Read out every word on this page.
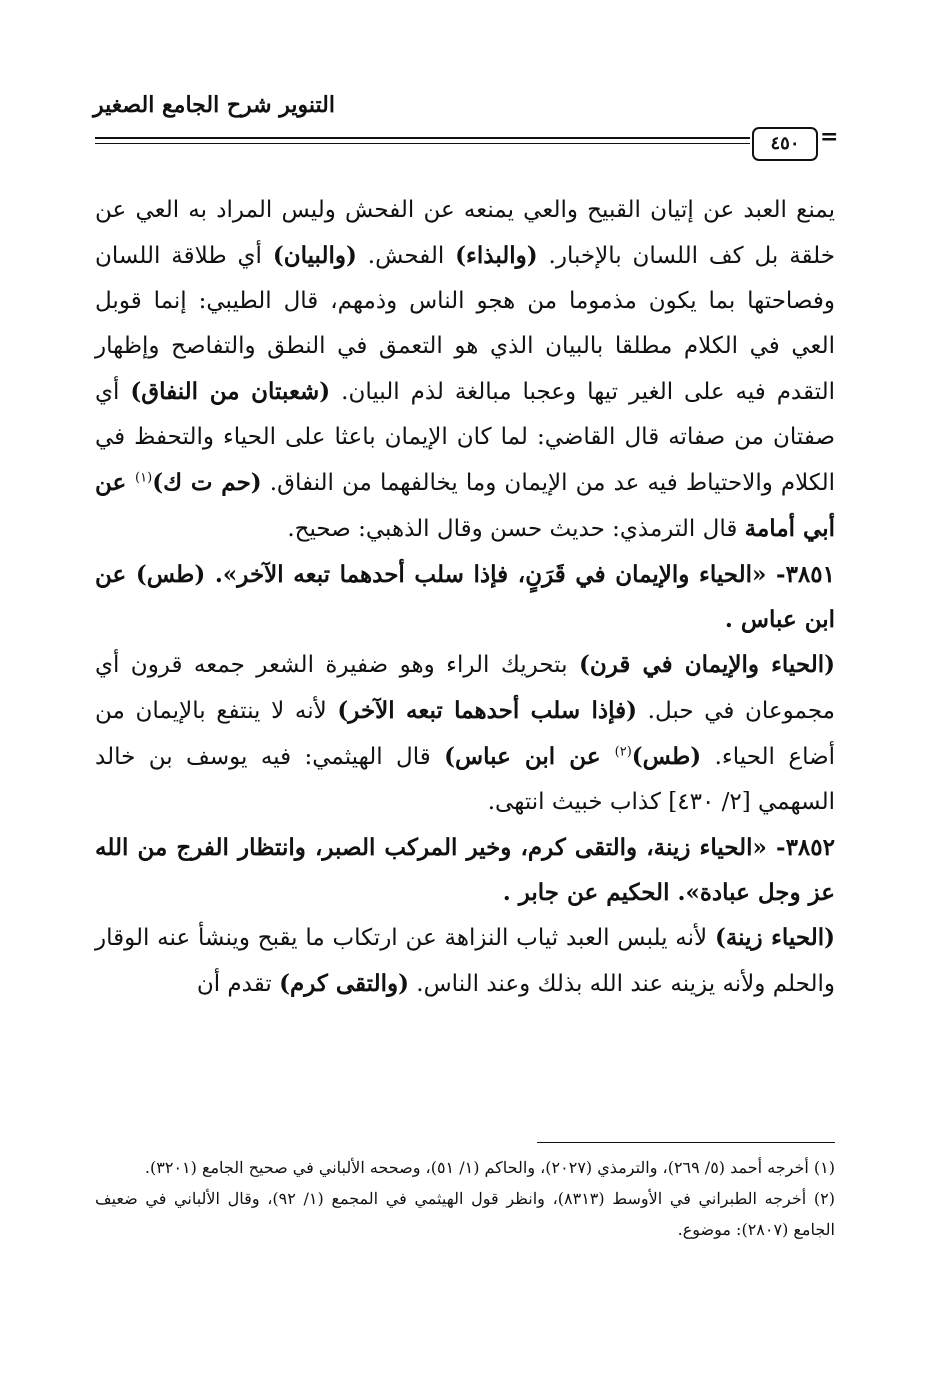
التنوير شرح الجامع الصغير
٤٥٠ =

يمنع العبد عن إتيان القبيح والعي يمنعه عن الفحش وليس المراد به العي عن خلقة بل كف اللسان بالإخبار. (والبذاء) الفحش. (والبيان) أي طلاقة اللسان وفصاحتها بما يكون مذموما من هجو الناس وذمهم، قال الطيبي: إنما قوبل العي في الكلام مطلقا بالبيان الذي هو التعمق في النطق والتفاصح وإظهار التقدم فيه على الغير تيها وعجبا مبالغة لذم البيان. (شعبتان من النفاق) أي صفتان من صفاته قال القاضي: لما كان الإيمان باعثا على الحياء والتحفظ في الكلام والاحتياط فيه عد من الإيمان وما يخالفهما من النفاق. (حم ت ك)$^{(١)}$ عن أبي أمامة قال الترمذي: حديث حسن وقال الذهبي: صحيح.

٣٨٥١- «الحياء والإيمان في قَرَنٍ، فإذا سلب أحدهما تبعه الآخر». (طس) عن ابن عباس .

(الحياء والإيمان في قرن) بتحريك الراء وهو ضفيرة الشعر جمعه قرون أي مجموعان في حبل. (فإذا سلب أحدهما تبعه الآخر) لأنه لا ينتفع بالإيمان من أضاع الحياء. (طس)$^{(٢)}$ عن ابن عباس) قال الهيثمي: فيه يوسف بن خالد السهمي [٢/ ٤٣٠] كذاب خبيث انتهى.

٣٨٥٢- «الحياء زينة، والتقى كرم، وخير المركب الصبر، وانتظار الفرج من الله عز وجل عبادة». الحكيم عن جابر .

(الحياء زينة) لأنه يلبس العبد ثياب النزاهة عن ارتكاب ما يقبح وينشأ عنه الوقار والحلم ولأنه يزينه عند الله بذلك وعند الناس. (والتقى كرم) تقدم أن

(١) أخرجه أحمد (٥/ ٢٦٩)، والترمذي (٢٠٢٧)، والحاكم (١/ ٥١)، وصححه الألباني في صحيح الجامع (٣٢٠١).

(٢) أخرجه الطبراني في الأوسط (٨٣١٣)، وانظر قول الهيثمي في المجمع (١/ ٩٢)، وقال الألباني في ضعيف الجامع (٢٨٠٧): موضوع.
